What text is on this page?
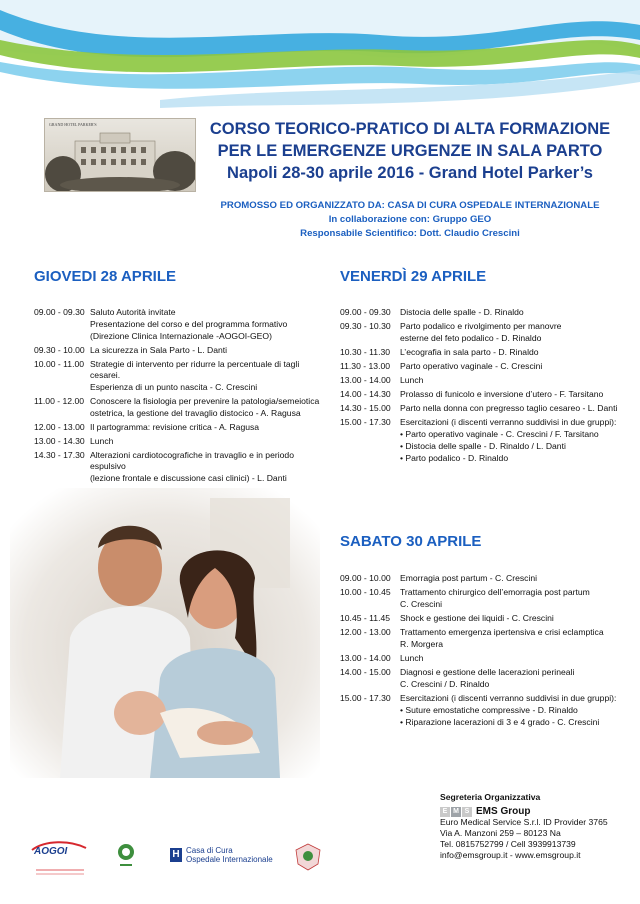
GRAND HOTEL PARKER'S	CORSO TEORICO-PRATICO DI ALTA FORMAZIONE
PER LE EMERGENZE URGENZE IN SALA PARTO
Napoli 28-30 aprile 2016 - Grand Hotel Parker’s
PROMOSSO ED ORGANIZZATO DA: CASA DI CURA OSPEDALE INTERNAZIONALE
In collaborazione con: Gruppo GEO
Responsabile Scientifico: Dott. Claudio Crescini
GIOVEDI 28 APRILE
09.00 - 09.30 Saluto Autorità invitate
Presentazione del corso e del programma formativo
(Direzione Clinica Internazionale -AOGOI-GEO)
09.30 - 10.00 La sicurezza in Sala Parto - L. Danti
10.00 - 11.00 Strategie di intervento per ridurre la percentuale di tagli cesarei.
Esperienza di un punto nascita - C. Crescini
11.00 - 12.00 Conoscere la fisiologia per prevenire la patologia/semeiotica
ostetrica, la gestione del travaglio distocico - A. Ragusa
12.00 - 13.00 Il partogramma: revisione critica - A. Ragusa
13.00 - 14.30 Lunch
14.30 - 17.30 Alterazioni cardiotocografiche in travaglio e in periodo espulsivo
(lezione frontale e discussione casi clinici) - L. Danti
VENERDÌ 29 APRILE
09.00 - 09.30	Distocia delle spalle - D. Rinaldo
09.30 - 10.30	Parto podalico e rivolgimento per manovre
esterne del feto podalico - D. Rinaldo
10.30 - 11.30	L’ecografia in sala parto - D. Rinaldo
11.30 - 13.00	Parto operativo vaginale - C. Crescini
13.00 - 14.00	Lunch
14.00 - 14.30	Prolasso di funicolo e inversione d’utero - F. Tarsitano
14.30 - 15.00	Parto nella donna con pregresso taglio cesareo - L. Danti
15.00 - 17.30	Esercitazioni (i discenti verranno suddivisi in due gruppi):
• Parto operativo vaginale - C. Crescini / F. Tarsitano
• Distocia delle spalle - D. Rinaldo / L. Danti
• Parto podalico - D. Rinaldo
SABATO 30 APRILE
09.00 - 10.00	Emorragia post partum - C. Crescini
10.00 - 10.45	Trattamento chirurgico dell’emorragia post partum
C. Crescini
10.45 - 11.45	Shock e gestione dei liquidi - C. Crescini
12.00 - 13.00	Trattamento emergenza ipertensiva e crisi eclamptica
R. Morgera
13.00 - 14.00	Lunch
14.00 - 15.00	Diagnosi e gestione delle lacerazioni perineali
C. Crescini / D. Rinaldo
15.00 - 17.30	Esercitazioni (i discenti verranno suddivisi in due gruppi):
• Suture emostatiche compressive - D. Rinaldo
• Riparazione lacerazioni di 3 e 4 grado - C. Crescini
Segreteria Organizzativa
E M S EMS Group
Euro Medical Service S.r.l. ID Provider 3765
Via A. Manzoni 259 – 80123 Na
Tel. 0815752799 / Cell 3939913739
info@emsgroup.it - www.emsgroup.it
AOGOI	H Casa di Cura
Ospedale Internazionale
